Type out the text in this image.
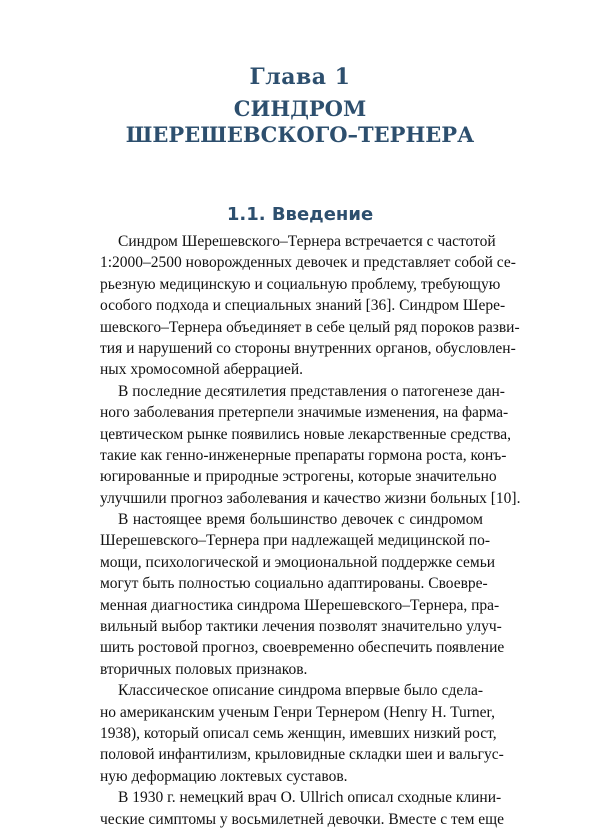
Глава 1
СИНДРОМ
ШЕРЕШЕВСКОГО–ТЕРНЕРА
1.1. Введение
Синдром Шерешевского–Тернера встречается с частотой
1:2000–2500 новорожденных девочек и представляет собой се-
рьезную медицинскую и социальную проблему, требующую
особого подхода и специальных знаний [36]. Синдром Шере-
шевского–Тернера объединяет в себе целый ряд пороков разви-
тия и нарушений со стороны внутренних органов, обусловлен-
ных хромосомной аберрацией.
В последние десятилетия представления о патогенезе дан-
ного заболевания претерпели значимые изменения, на фарма-
цевтическом рынке появились новые лекарственные средства,
такие как генно-инженерные препараты гормона роста, конъ-
югированные и природные эстрогены, которые значительно
улучшили прогноз заболевания и качество жизни больных [10].
В настоящее время большинство девочек с синдромом
Шерешевского–Тернера при надлежащей медицинской по-
мощи, психологической и эмоциональной поддержке семьи
могут быть полностью социально адаптированы. Своевре-
менная диагностика синдрома Шерешевского–Тернера, пра-
вильный выбор тактики лечения позволят значительно улуч-
шить ростовой прогноз, своевременно обеспечить появление
вторичных половых признаков.
Классическое описание синдрома впервые было сдела-
но американским ученым Генри Тернером (Henry H. Turner,
1938), который описал семь женщин, имевших низкий рост,
половой инфантилизм, крыловидные складки шеи и вальгус-
ную деформацию локтевых суставов.
В 1930 г. немецкий врач O. Ullrich описал сходные клини-
ческие симптомы у восьмилетней девочки. Вместе с тем еще
